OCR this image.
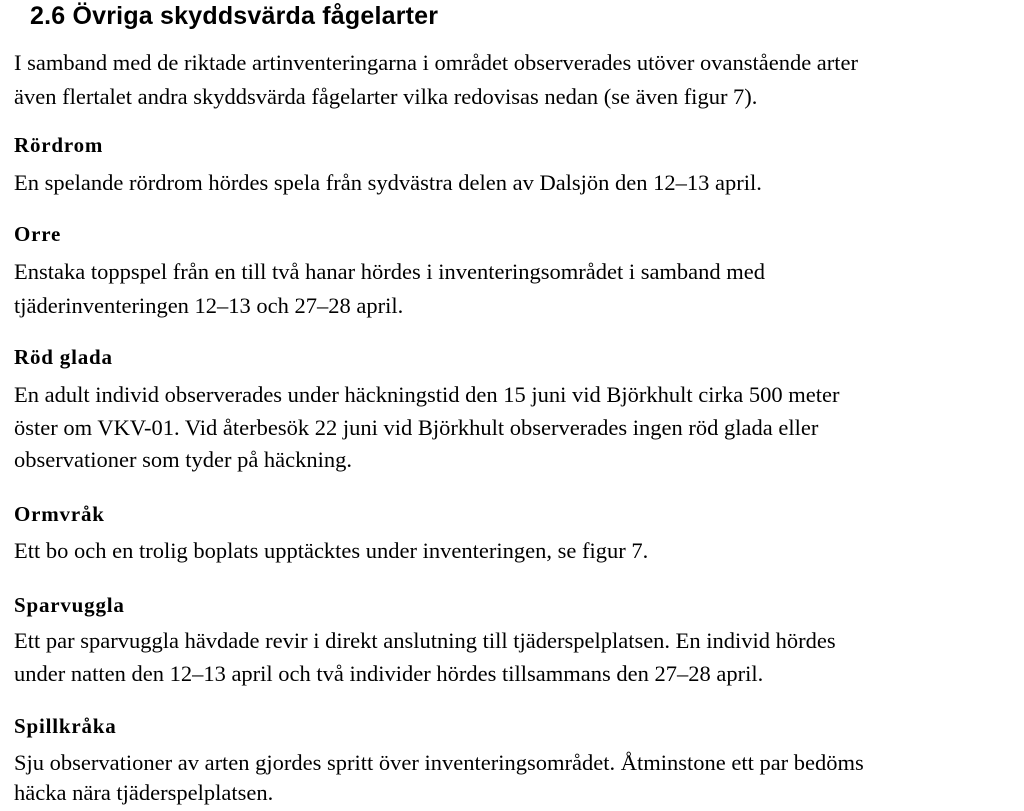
2.6 Övriga skyddsvärda fågelarter
I samband med de riktade artinventeringarna i området observerades utöver ovanstående arter
även flertalet andra skyddsvärda fågelarter vilka redovisas nedan (se även figur 7).
Rördrom
En spelande rördrom hördes spela från sydvästra delen av Dalsjön den 12–13 april.
Orre
Enstaka toppspel från en till två hanar hördes i inventeringsområdet i samband med
tjäderinventeringen 12–13 och 27–28 april.
Röd glada
En adult individ observerades under häckningstid den 15 juni vid Björkhult cirka 500 meter
öster om VKV-01. Vid återbesök 22 juni vid Björkhult observerades ingen röd glada eller
observationer som tyder på häckning.
Ormvråk
Ett bo och en trolig boplats upptäcktes under inventeringen, se figur 7.
Sparvuggla
Ett par sparvuggla hävdade revir i direkt anslutning till tjäderspelplatsen. En individ hördes
under natten den 12–13 april och två individer hördes tillsammans den 27–28 april.
Spillkråka
Sju observationer av arten gjordes spritt över inventeringsområdet. Åtminstone ett par bedöms
häcka nära tjäderspelplatsen.
